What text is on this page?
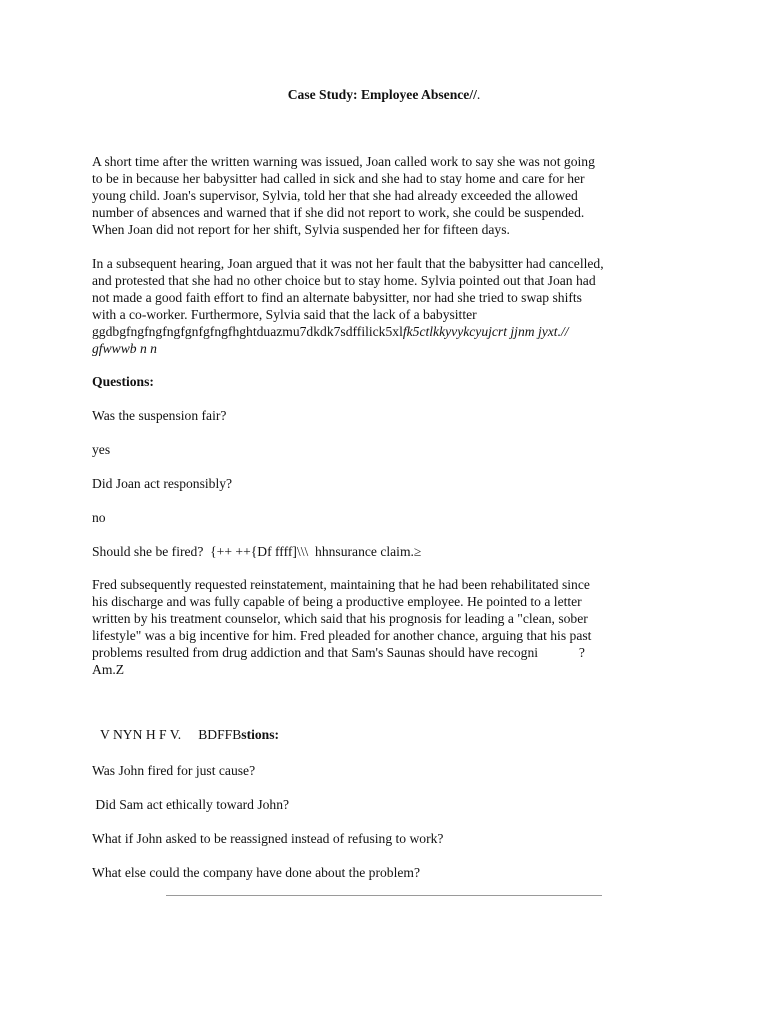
Case Study: Employee Absence//.
A short time after the written warning was issued, Joan called work to say she was not going
to be in because her babysitter had called in sick and she had to stay home and care for her
young child. Joan's supervisor, Sylvia, told her that she had already exceeded the allowed
number of absences and warned that if she did not report to work, she could be suspended.
When Joan did not report for her shift, Sylvia suspended her for fifteen days.
In a subsequent hearing, Joan argued that it was not her fault that the babysitter had cancelled,
and protested that she had no other choice but to stay home. Sylvia pointed out that Joan had
not made a good faith effort to find an alternate babysitter, nor had she tried to swap shifts
with a co-worker. Furthermore, Sylvia said that the lack of a babysitter
ggdbgfngfngfngfgnfgfngfhghtduazmu7dkdk7sdffilick5xlfk5ctlkkyvykcyujcrt jjnm jyxt.//
gfwwwb n n
Questions:
Was the suspension fair?
yes
Did Joan act responsibly?
no
Should she be fired?  {++ ++{Df ffff]\\\  hhnsurance claim.≥
Fred subsequently requested reinstatement, maintaining that he had been rehabilitated since
his discharge and was fully capable of being a productive employee. He pointed to a letter
written by his treatment counselor, which said that his prognosis for leading a "clean, sober
lifestyle" was a big incentive for him. Fred pleaded for another chance, arguing that his past
problems resulted from drug addiction and that Sam's Saunas should have recogni            ?
Am.Z
V NYN H F V.     BDFFBstions:
Was John fired for just cause?
Did Sam act ethically toward John?
What if John asked to be reassigned instead of refusing to work?
What else could the company have done about the problem?
